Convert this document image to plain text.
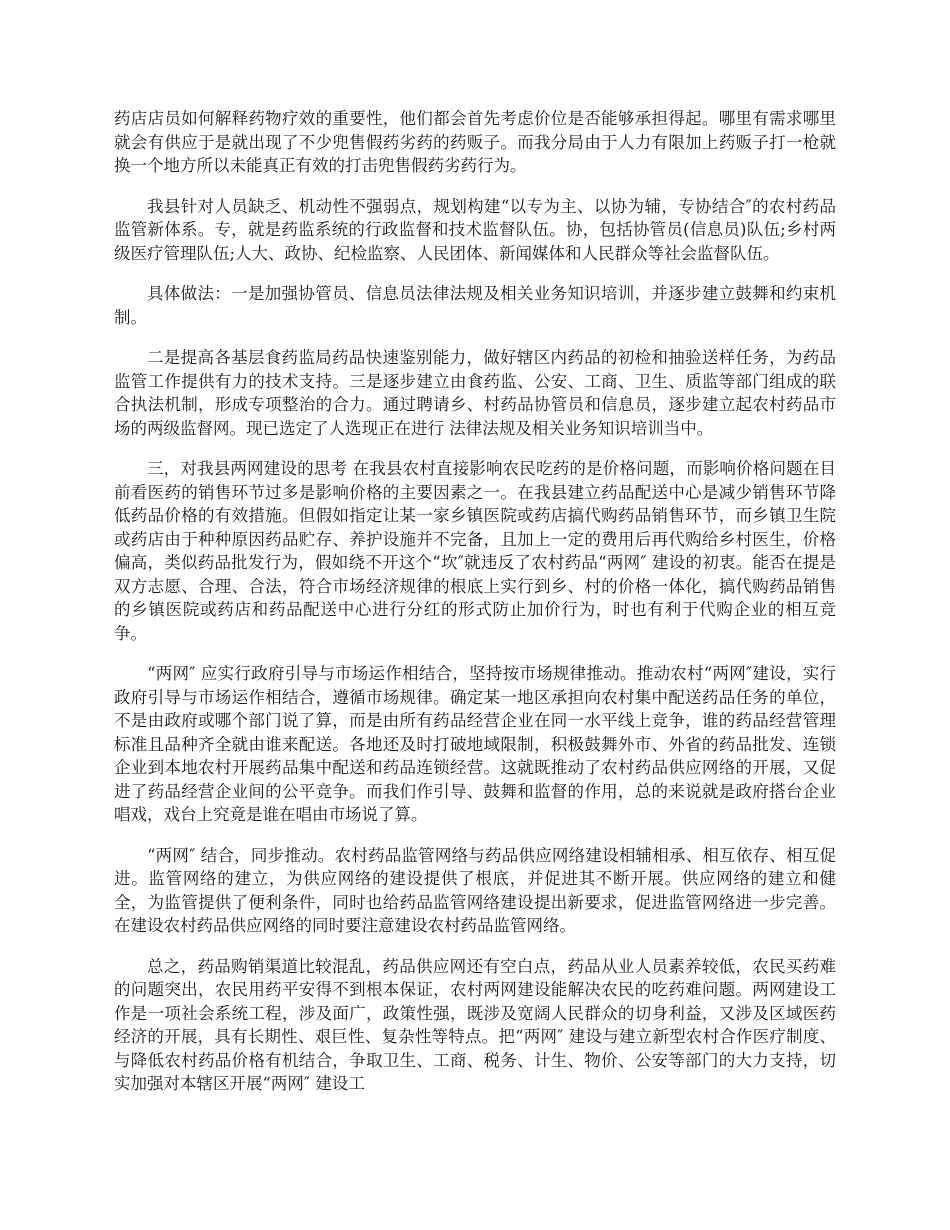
药店店员如何解释药物疗效的重要性，他们都会首先考虑价位是否能够承担得起。哪里有需求哪里就会有供应于是就出现了不少兜售假药劣药的药贩子。而我分局由于人力有限加上药贩子打一枪就换一个地方所以未能真正有效的打击兜售假药劣药行为。

我县针对人员缺乏、机动性不强弱点，规划构建“以专为主、以协为辅，专协结合″的农村药品监管新体系。专，就是药监系统的行政监督和技术监督队伍。协，包括协管员(信息员)队伍;乡村两级医疗管理队伍;人大、政协、纪检监察、人民团体、新闻媒体和人民群众等社会监督队伍。

具体做法：一是加强协管员、信息员法律法规及相关业务知识培训，并逐步建立鼓舞和约束机制。

二是提高各基层食药监局药品快速鉴别能力，做好辖区内药品的初检和抽验送样任务，为药品监管工作提供有力的技术支持。三是逐步建立由食药监、公安、工商、卫生、质监等部门组成的联合执法机制，形成专项整治的合力。通过聘请乡、村药品协管员和信息员，逐步建立起农村药品市场的两级监督网。现已选定了人选现正在进行 法律法规及相关业务知识培训当中。

三，对我县两网建设的思考 在我县农村直接影响农民吃药的是价格问题，而影响价格问题在目前看医药的销售环节过多是影响价格的主要因素之一。在我县建立药品配送中心是减少销售环节降低药品价格的有效措施。但假如指定让某一家乡镇医院或药店搞代购药品销售环节，而乡镇卫生院或药店由于种种原因药品贮存、养护设施并不完备，且加上一定的费用后再代购给乡村医生，价格偏高，类似药品批发行为，假如绕不开这个“坎″就违反了农村药品“两网″ 建设的初衷。能否在提是双方志愿、合理、合法，符合市场经济规律的根底上实行到乡、村的价格一体化，搞代购药品销售的乡镇医院或药店和药品配送中心进行分红的形式防止加价行为，时也有利于代购企业的相互竞争。

“两网″ 应实行政府引导与市场运作相结合，坚持按市场规律推动。推动农村“两网″建设，实行政府引导与市场运作相结合，遵循市场规律。确定某一地区承担向农村集中配送药品任务的单位，不是由政府或哪个部门说了算，而是由所有药品经营企业在同一水平线上竞争，谁的药品经营管理标准且品种齐全就由谁来配送。各地还及时打破地域限制，积极鼓舞外市、外省的药品批发、连锁企业到本地农村开展药品集中配送和药品连锁经营。这就既推动了农村药品供应网络的开展，又促进了药品经营企业间的公平竞争。而我们作引导、鼓舞和监督的作用，总的来说就是政府搭台企业唱戏，戏台上究竟是谁在唱由市场说了算。

“两网″ 结合，同步推动。农村药品监管网络与药品供应网络建设相辅相承、相互依存、相互促进。监管网络的建立，为供应网络的建设提供了根底，并促进其不断开展。供应网络的建立和健全，为监管提供了便利条件，同时也给药品监管网络建设提出新要求，促进监管网络进一步完善。在建设农村药品供应网络的同时要注意建设农村药品监管网络。

总之，药品购销渠道比较混乱，药品供应网还有空白点，药品从业人员素养较低，农民买药难的问题突出，农民用药平安得不到根本保证，农村两网建设能解决农民的吃药难问题。两网建设工作是一项社会系统工程，涉及面广，政策性强，既涉及宽阔人民群众的切身利益，又涉及区域医药经济的开展，具有长期性、艰巨性、复杂性等特点。把“两网″ 建设与建立新型农村合作医疗制度、与降低农村药品价格有机结合，争取卫生、工商、税务、计生、物价、公安等部门的大力支持，切实加强对本辖区开展“两网″ 建设工
